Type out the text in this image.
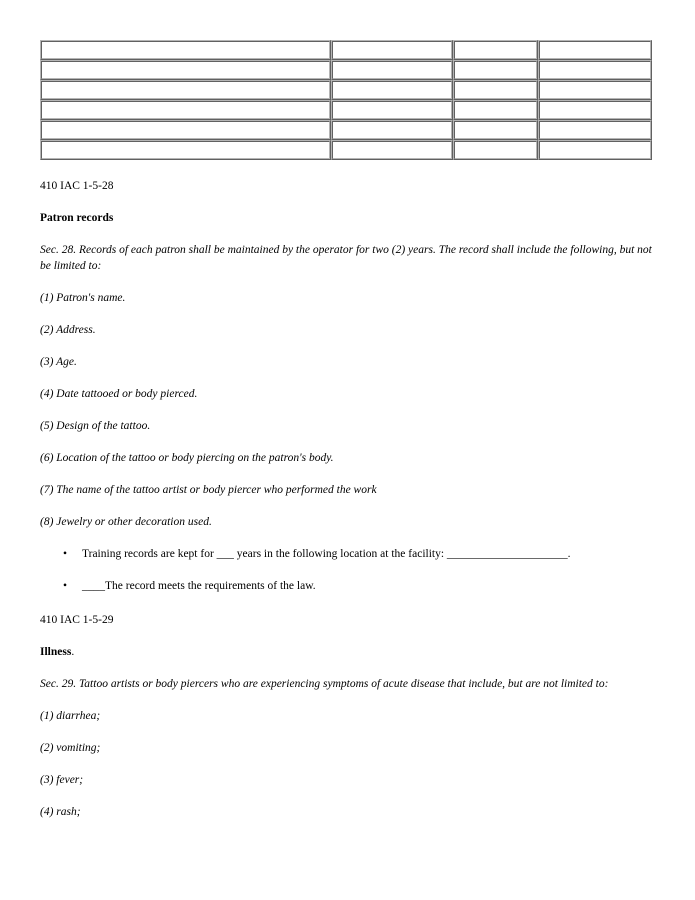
410 IAC 1-5-28

Patron records

Sec. 28. Records of each patron shall be maintained by the operator for two (2) years. The record shall include the following, but not be limited to:

(1) Patron's name.

(2) Address.

(3) Age.

(4) Date tattooed or body pierced.

(5) Design of the tattoo.

(6) Location of the tattoo or body piercing on the patron's body.

(7) The name of the tattoo artist or body piercer who performed the work

(8) Jewelry or other decoration used.

• Training records are kept for ___ years in the following location at the facility: _____________________.
• ____The record meets the requirements of the law.

410 IAC 1-5-29

Illness.

Sec. 29. Tattoo artists or body piercers who are experiencing symptoms of acute disease that include, but are not limited to:

(1) diarrhea;

(2) vomiting;

(3) fever;

(4) rash;
